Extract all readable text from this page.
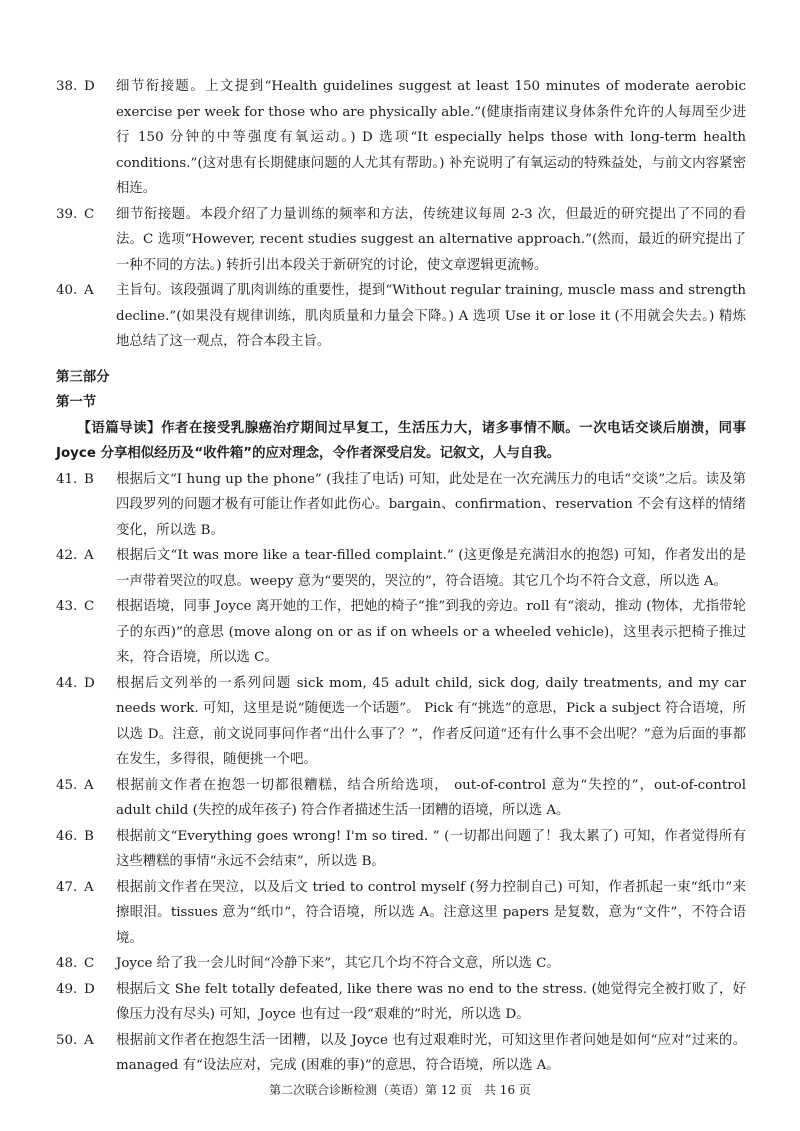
38. D	细节衔接题。上文提到“Health guidelines suggest at least 150 minutes of moderate aerobic exercise per week for those who are physically able.”(健康指南建议身体条件允许的人每周至少进行 150 分钟的中等强度有氧运动。) D 选项“It especially helps those with long-term health conditions.”(这对患有长期健康问题的人尤其有帮助。) 补充说明了有氧运动的特殊益处，与前文内容紧密相连。
39. C	细节衔接题。本段介绍了力量训练的频率和方法，传统建议每周 2-3 次，但最近的研究提出了不同的看法。C 选项“However, recent studies suggest an alternative approach.”(然而，最近的研究提出了一种不同的方法。) 转折引出本段关于新研究的讨论，使文章逻辑更流畅。
40. A	主旨句。该段强调了肌肉训练的重要性，提到“Without regular training, muscle mass and strength decline.”(如果没有规律训练，肌肉质量和力量会下降。) A 选项 Use it or lose it (不用就会失去。) 精炼地总结了这一观点，符合本段主旨。
第三部分
第一节
【语篇导读】作者在接受乳腺癌治疗期间过早复工，生活压力大，诸多事情不顺。一次电话交谈后崩溃，同事 Joyce 分享相似经历及“收件箱”的应对理念，令作者深受启发。记叙文，人与自我。
41. B	根据后文“I hung up the phone” (我挂了电话) 可知，此处是在一次充满压力的电话“交谈”之后。读及第四段罗列的问题才极有可能让作者如此伤心。bargain、confirmation、reservation 不会有这样的情绪变化，所以选 B。
42. A	根据后文“It was more like a tear-filled complaint.” (这更像是充满泪水的抱怨) 可知，作者发出的是一声带着哭泣的叹息。weepy 意为“要哭的，哭泣的”，符合语境。其它几个均不符合文意，所以选 A。
43. C	根据语境，同事 Joyce 离开她的工作，把她的椅子“推”到我的旁边。roll 有“滚动，推动 (物体，尤指带轮子的东西)”的意思 (move along on or as if on wheels or a wheeled vehicle)，这里表示把椅子推过来，符合语境，所以选 C。
44. D	根据后文列举的一系列问题 sick mom, 45 adult child, sick dog, daily treatments, and my car needs work. 可知，这里是说“随便选一个话题”。 Pick 有“挑选”的意思，Pick a subject 符合语境，所以选 D。注意，前文说同事问作者“出什么事了？”，作者反问道“还有什么事不会出呢？”意为后面的事都在发生，多得很，随便挑一个吧。
45. A	根据前文作者在抱怨一切都很糟糕，结合所给选项， out-of-control 意为“失控的”，out-of-control adult child (失控的成年孩子) 符合作者描述生活一团糟的语境，所以选 A。
46. B	根据前文“Everything goes wrong! I'm so tired. ” (一切都出问题了！我太累了) 可知，作者觉得所有这些糟糕的事情“永远不会结束”，所以选 B。
47. A	根据前文作者在哭泣，以及后文 tried to control myself (努力控制自己) 可知，作者抓起一束“纸巾”来擦眼泪。tissues 意为“纸巾”，符合语境，所以选 A。注意这里 papers 是复数，意为“文件”，不符合语境。
48. C	Joyce 给了我一会儿时间“冷静下来”，其它几个均不符合文意，所以选 C。
49. D	根据后文 She felt totally defeated, like there was no end to the stress. (她觉得完全被打败了，好像压力没有尽头) 可知，Joyce 也有过一段“艰难的”时光，所以选 D。
50. A	根据前文作者在抱怨生活一团糟，以及 Joyce 也有过艰难时光，可知这里作者问她是如何“应对”过来的。managed 有“设法应对，完成 (困难的事)”的意思，符合语境，所以选 A。
第二次联合诊断检测（英语）第 12 页　共 16 页
